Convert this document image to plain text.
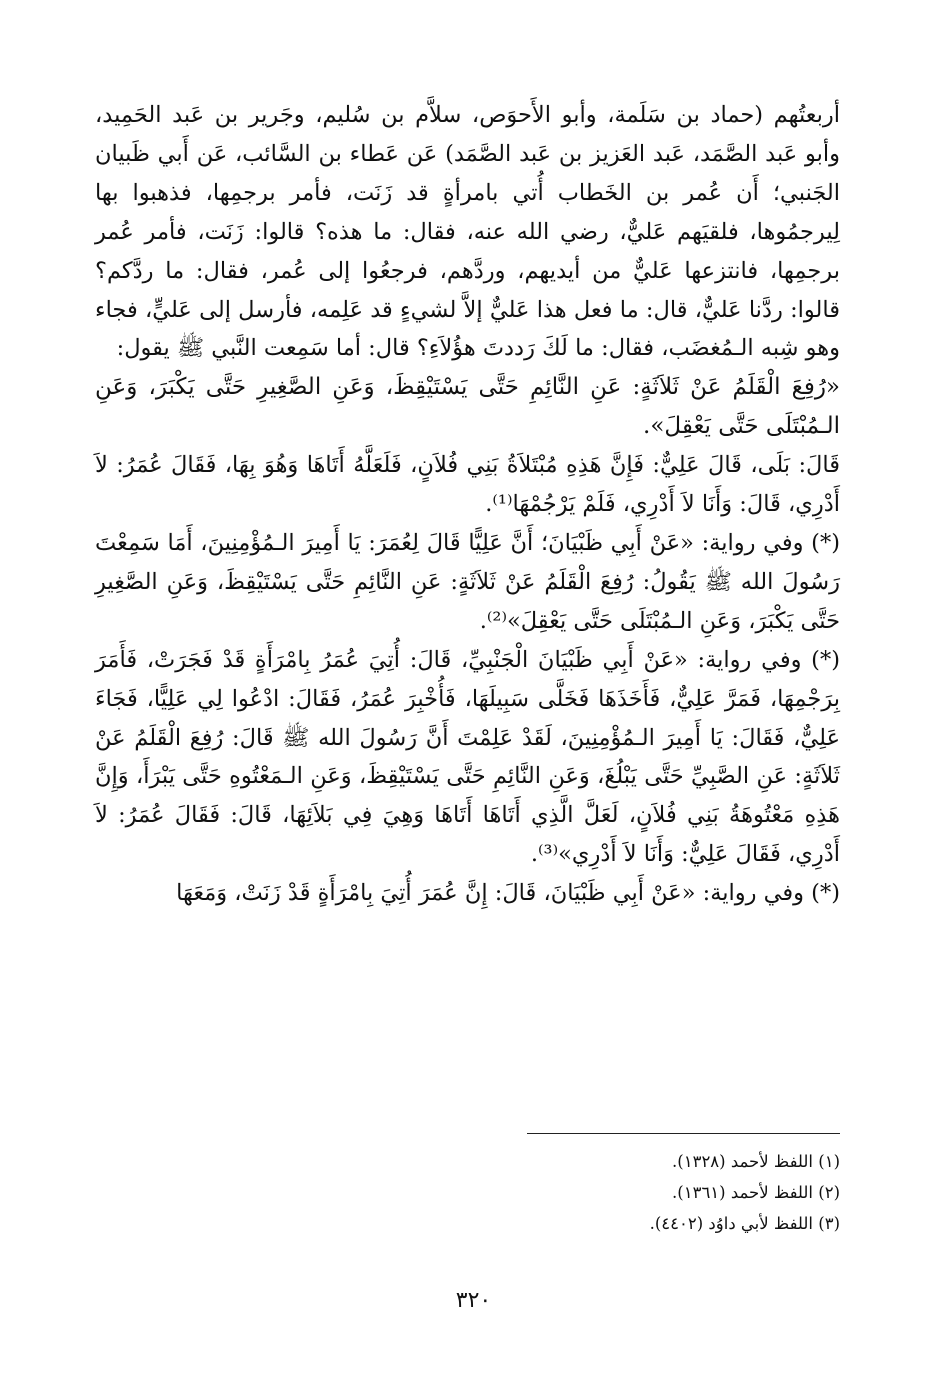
أربعتُهم (حماد بن سَلَمة، وأبو الأَحوَص، سلاَّم بن سُليم، وجَرير بن عَبد الحَمِيد، وأبو عَبد الصَّمَد، عَبد العَزيز بن عَبد الصَّمَد) عَن عَطاء بن السَّائب، عَن أَبي ظَبيان الجَنبي؛ أَن عُمر بن الخَطاب أُتي بامرأةٍ قد زَنَت، فأمر برجمِها، فذهبوا بها لِيرجمُوها، فلقيَهم عَليٌّ، رضي الله عنه، فقال: ما هذه؟ قالوا: زَنَت، فأمر عُمر برجمِها، فانتزعها عَليٌّ من أيديهم، وردَّهم، فرجعُوا إلى عُمر، فقال: ما ردَّكم؟ قالوا: ردَّنا عَليٌّ، قال: ما فعل هذا عَليٌّ إلاَّ لشيءٍ قد عَلِمه، فأرسل إلى عَليٍّ، فجاء وهو شِبه الـمُغضَب، فقال: ما لَكَ رَددتَ هؤُلاَءِ؟ قال: أما سَمِعت النَّبي ﷺ يقول:

«رُفِعَ الْقَلَمُ عَنْ ثَلاَثَةٍ: عَنِ النَّائِمِ حَتَّى يَسْتَيْقِظَ، وَعَنِ الصَّغِيرِ حَتَّى يَكْبَرَ، وَعَنِ الـمُبْتَلَى حَتَّى يَعْقِلَ».

قَالَ: بَلَى، قَالَ عَلِيٌّ: فَإِنَّ هَذِهِ مُبْتَلاَةُ بَنِي فُلاَنٍ، فَلَعَلَّهُ أَتَاهَا وَهُوَ بِهَا، فَقَالَ عُمَرُ: لاَ أَدْرِي، قَالَ: وَأَنَا لاَ أَدْرِي، فَلَمْ يَرْجُمْهَا⁽¹⁾.

(*) وفي رواية: «عَنْ أَبِي ظَبْيَانَ؛ أَنَّ عَلِيًّا قَالَ لِعُمَرَ: يَا أَمِيرَ الـمُؤْمِنِينَ، أَمَا سَمِعْتَ رَسُولَ الله ﷺ يَقُولُ: رُفِعَ الْقَلَمُ عَنْ ثَلاَثَةٍ: عَنِ النَّائِمِ حَتَّى يَسْتَيْقِظَ، وَعَنِ الصَّغِيرِ حَتَّى يَكْبَرَ، وَعَنِ الـمُبْتَلَى حَتَّى يَعْقِلَ»⁽²⁾.

(*) وفي رواية: «عَنْ أَبِي ظَبْيَانَ الْجَنْبِيِّ، قَالَ: أُتِيَ عُمَرُ بِامْرَأَةٍ قَدْ فَجَرَتْ، فَأَمَرَ بِرَجْمِهَا، فَمَرَّ عَلِيٌّ، فَأَخَذَهَا فَخَلَّى سَبِيلَهَا، فَأُخْبِرَ عُمَرُ، فَقَالَ: ادْعُوا لِي عَلِيًّا، فَجَاءَ عَلِيٌّ، فَقَالَ: يَا أَمِيرَ الـمُؤْمِنِينَ، لَقَدْ عَلِمْتَ أَنَّ رَسُولَ الله ﷺ قَالَ: رُفِعَ الْقَلَمُ عَنْ ثَلاَثَةٍ: عَنِ الصَّبِيِّ حَتَّى يَبْلُغَ، وَعَنِ النَّائِمِ حَتَّى يَسْتَيْقِظَ، وَعَنِ الـمَعْتُوهِ حَتَّى يَبْرَأَ، وَإِنَّ هَذِهِ مَعْتُوهَةُ بَنِي فُلاَنٍ، لَعَلَّ الَّذِي أَتَاهَا أَتَاهَا وَهِيَ فِي بَلاَئِهَا، قَالَ: فَقَالَ عُمَرُ: لاَ أَدْرِي، فَقَالَ عَلِيٌّ: وَأَنَا لاَ أَدْرِي»⁽³⁾.

(*) وفي رواية: «عَنْ أَبِي ظَبْيَانَ، قَالَ: إِنَّ عُمَرَ أُتِيَ بِامْرَأَةٍ قَدْ زَنَتْ، وَمَعَهَا

(١) اللفظ لأحمد (١٣٢٨).

(٢) اللفظ لأحمد (١٣٦١).

(٣) اللفظ لأبي داوُد (٤٤٠٢).

٣٢٠
